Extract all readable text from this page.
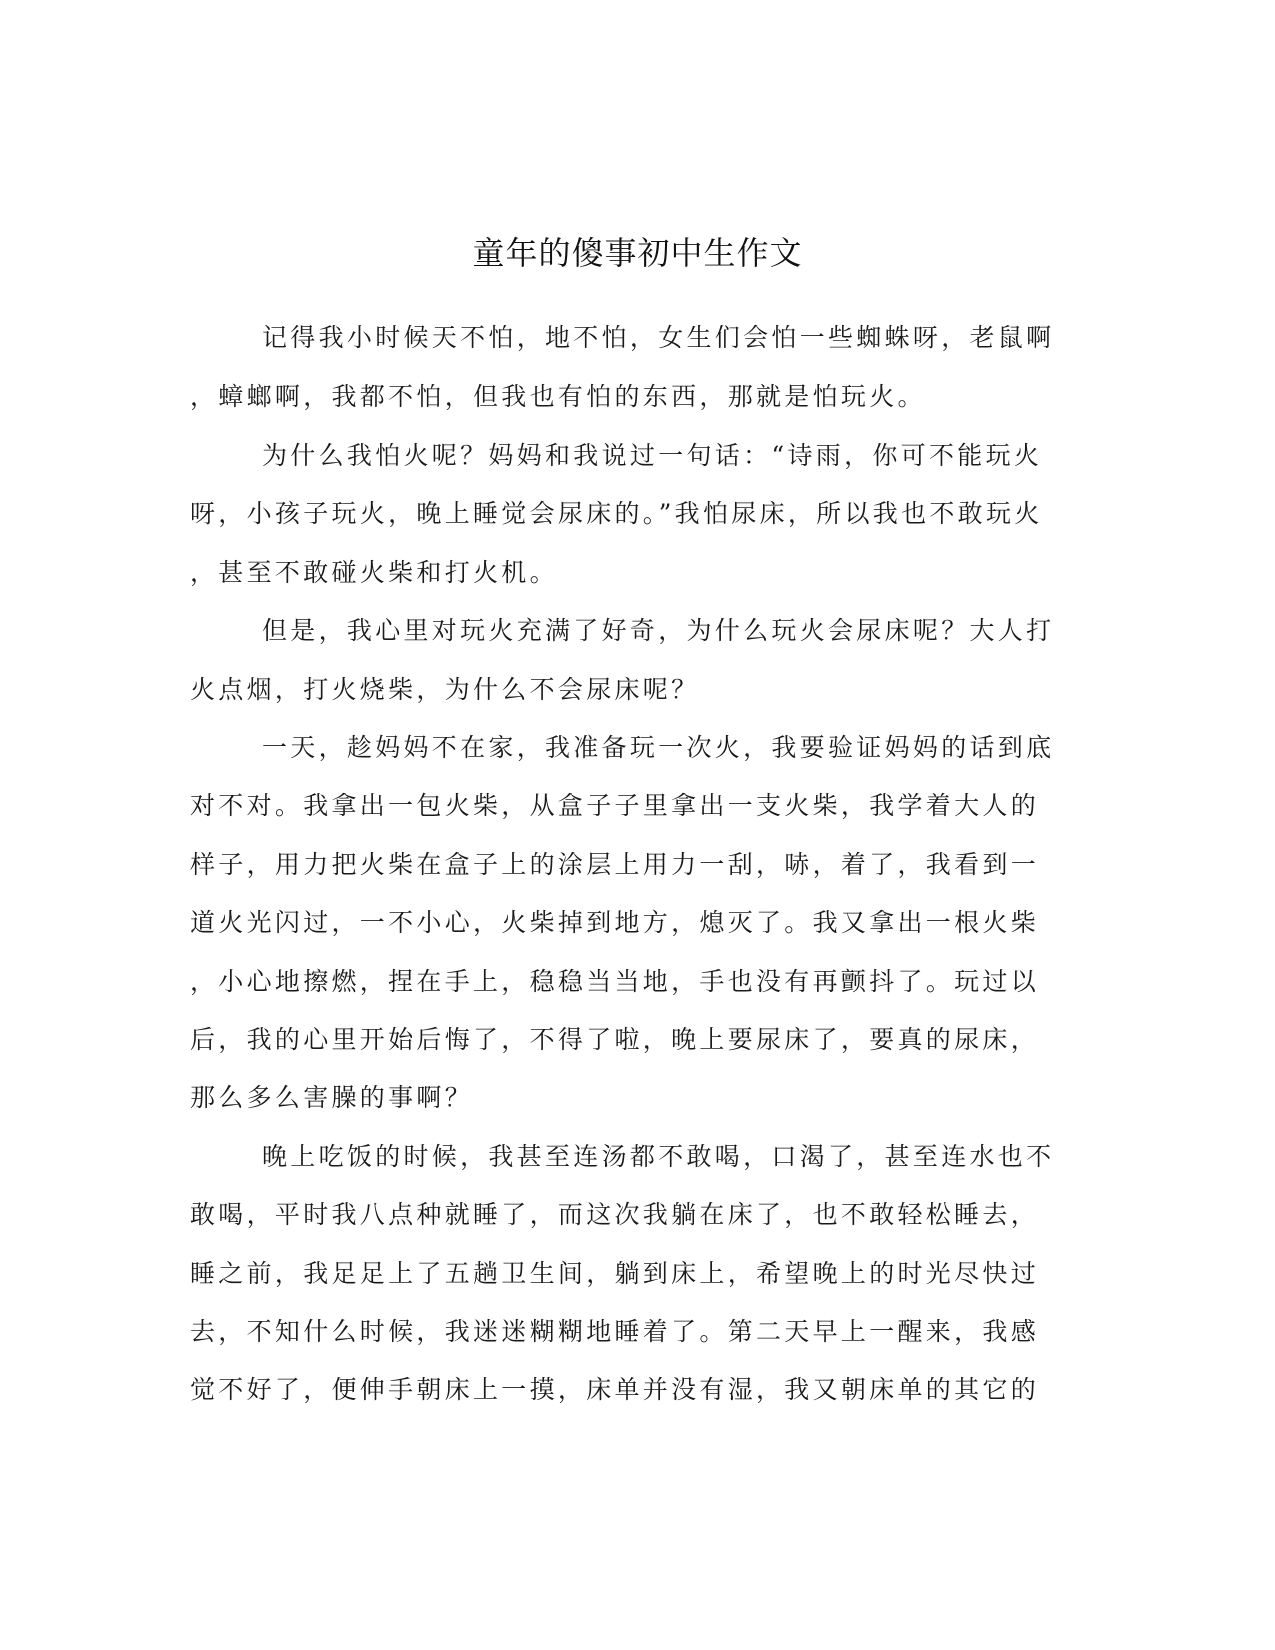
童年的傻事初中生作文
记得我小时候天不怕，地不怕，女生们会怕一些蜘蛛呀，老鼠啊
，蟑螂啊，我都不怕，但我也有怕的东西，那就是怕玩火。
为什么我怕火呢？妈妈和我说过一句话：“诗雨，你可不能玩火
呀，小孩子玩火，晚上睡觉会尿床的。”我怕尿床，所以我也不敢玩火
，甚至不敢碰火柴和打火机。
但是，我心里对玩火充满了好奇，为什么玩火会尿床呢？大人打
火点烟，打火烧柴，为什么不会尿床呢？
一天，趁妈妈不在家，我准备玩一次火，我要验证妈妈的话到底
对不对。我拿出一包火柴，从盒子子里拿出一支火柴，我学着大人的
样子，用力把火柴在盒子上的涂层上用力一刮，哧，着了，我看到一
道火光闪过，一不小心，火柴掉到地方，熄灭了。我又拿出一根火柴
，小心地擦燃，捏在手上，稳稳当当地，手也没有再颤抖了。玩过以
后，我的心里开始后悔了，不得了啦，晚上要尿床了，要真的尿床，
那么多么害臊的事啊？
晚上吃饭的时候，我甚至连汤都不敢喝，口渴了，甚至连水也不
敢喝，平时我八点种就睡了，而这次我躺在床了，也不敢轻松睡去，
睡之前，我足足上了五趟卫生间，躺到床上，希望晚上的时光尽快过
去，不知什么时候，我迷迷糊糊地睡着了。第二天早上一醒来，我感
觉不好了，便伸手朝床上一摸，床单并没有湿，我又朝床单的其它的
